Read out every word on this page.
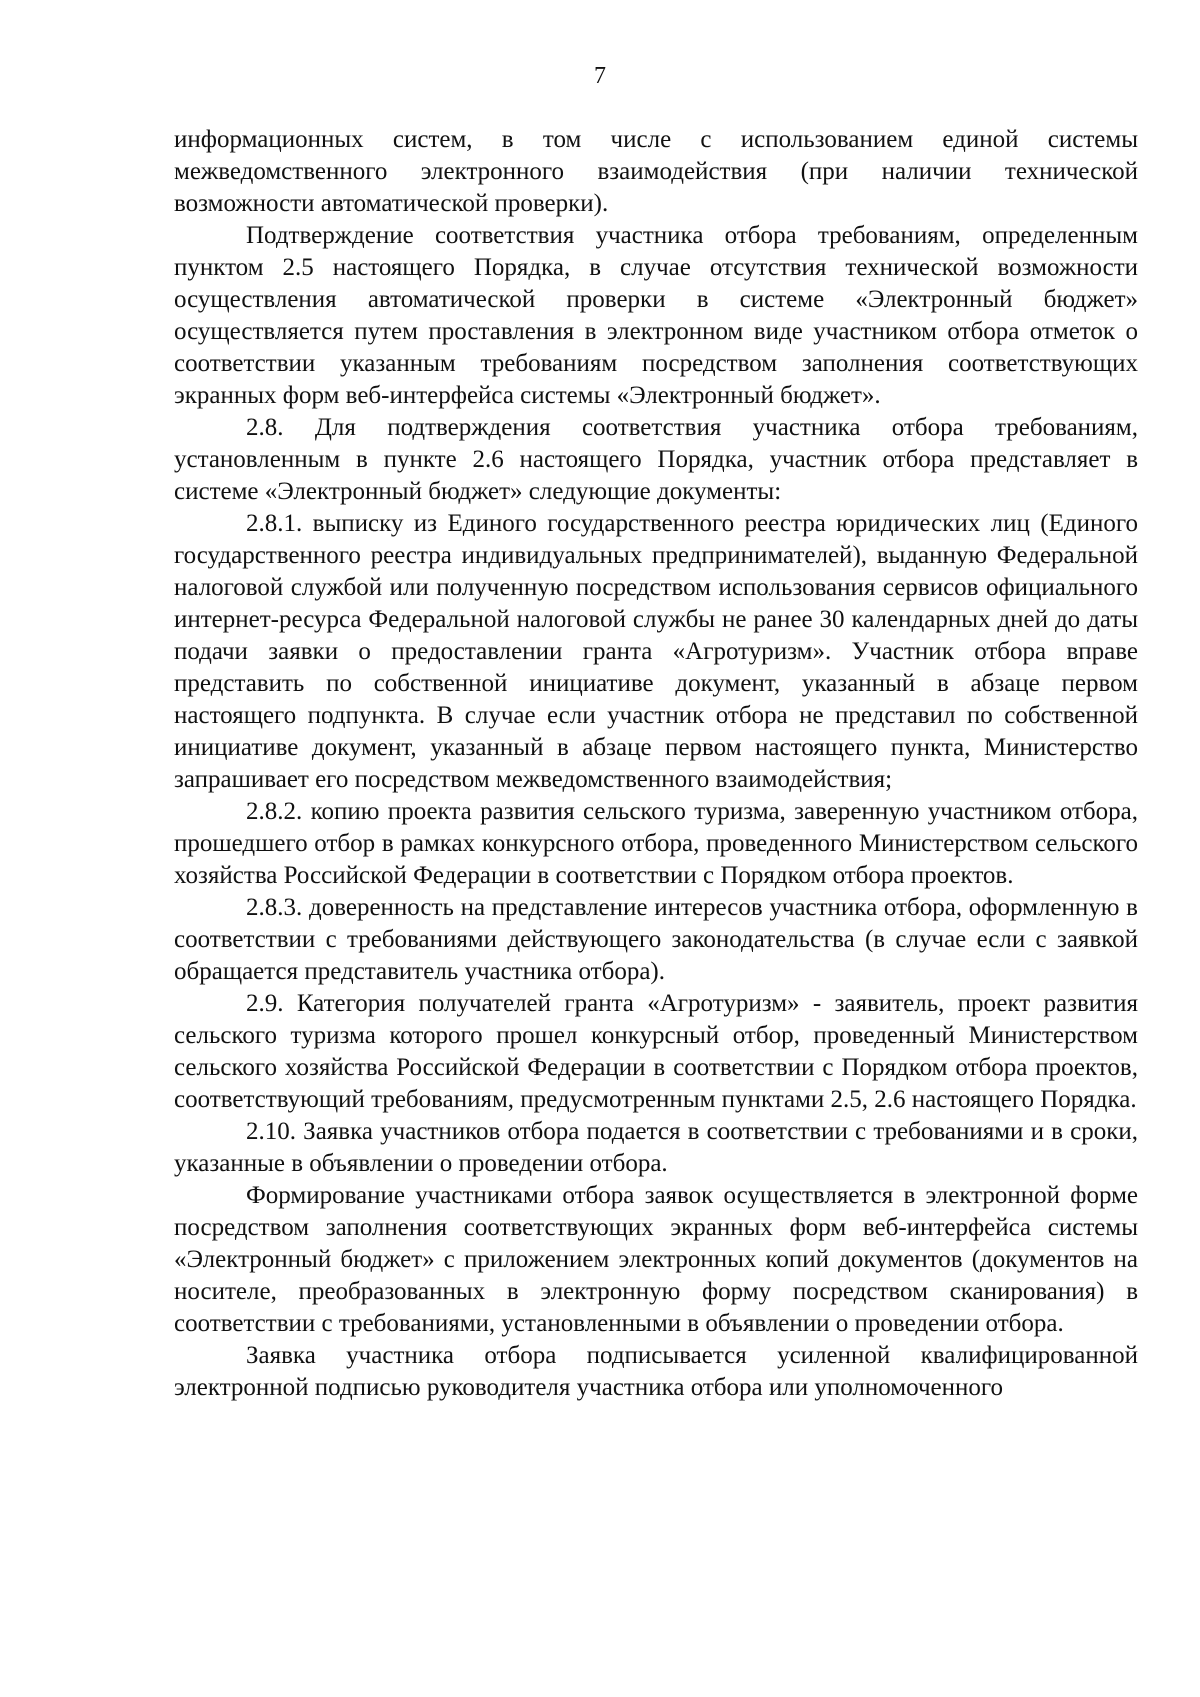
7

информационных систем, в том числе с использованием единой системы межведомственного электронного взаимодействия (при наличии технической возможности автоматической проверки).

Подтверждение соответствия участника отбора требованиям, определенным пунктом 2.5 настоящего Порядка, в случае отсутствия технической возможности осуществления автоматической проверки в системе «Электронный бюджет» осуществляется путем проставления в электронном виде участником отбора отметок о соответствии указанным требованиям посредством заполнения соответствующих экранных форм веб-интерфейса системы «Электронный бюджет».

2.8. Для подтверждения соответствия участника отбора требованиям, установленным в пункте 2.6 настоящего Порядка, участник отбора представляет в системе «Электронный бюджет» следующие документы:

2.8.1. выписку из Единого государственного реестра юридических лиц (Единого государственного реестра индивидуальных предпринимателей), выданную Федеральной налоговой службой или полученную посредством использования сервисов официального интернет-ресурса Федеральной налоговой службы не ранее 30 календарных дней до даты подачи заявки о предоставлении гранта «Агротуризм». Участник отбора вправе представить по собственной инициативе документ, указанный в абзаце первом настоящего подпункта. В случае если участник отбора не представил по собственной инициативе документ, указанный в абзаце первом настоящего пункта, Министерство запрашивает его посредством межведомственного взаимодействия;

2.8.2. копию проекта развития сельского туризма, заверенную участником отбора, прошедшего отбор в рамках конкурсного отбора, проведенного Министерством сельского хозяйства Российской Федерации в соответствии с Порядком отбора проектов.

2.8.3. доверенность на представление интересов участника отбора, оформленную в соответствии с требованиями действующего законодательства (в случае если с заявкой обращается представитель участника отбора).

2.9. Категория получателей гранта «Агротуризм» - заявитель, проект развития сельского туризма которого прошел конкурсный отбор, проведенный Министерством сельского хозяйства Российской Федерации в соответствии с Порядком отбора проектов, соответствующий требованиям, предусмотренным пунктами 2.5, 2.6 настоящего Порядка.

2.10. Заявка участников отбора подается в соответствии с требованиями и в сроки, указанные в объявлении о проведении отбора.

Формирование участниками отбора заявок осуществляется в электронной форме посредством заполнения соответствующих экранных форм веб-интерфейса системы «Электронный бюджет» с приложением электронных копий документов (документов на носителе, преобразованных в электронную форму посредством сканирования) в соответствии с требованиями, установленными в объявлении о проведении отбора.

Заявка участника отбора подписывается усиленной квалифицированной электронной подписью руководителя участника отбора или уполномоченного
